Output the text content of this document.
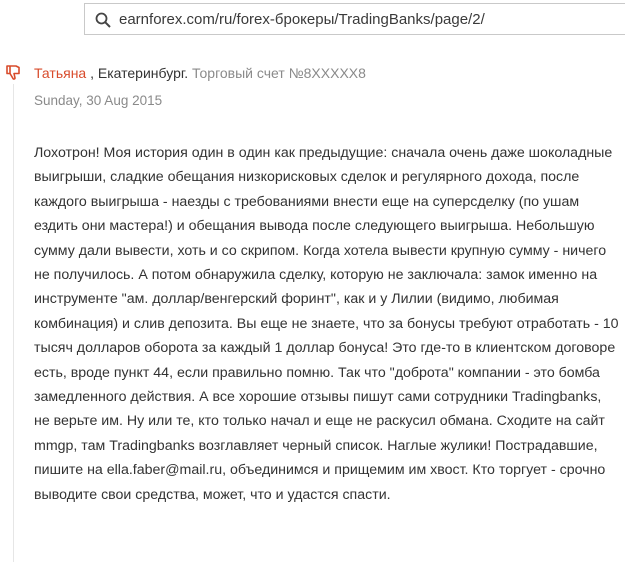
earnforex.com/ru/forex-брокеры/TradingBanks/page/2/
Татьяна , Екатеринбург. Торговый счет №8XXXXX8
Sunday, 30 Aug 2015
Лохотрон! Моя история один в один как предыдущие: сначала очень даже шоколадные
выигрыши, сладкие обещания низкорисковых сделок и регулярного дохода, после
каждого выигрыша - наезды с требованиями внести еще на суперсделку (по ушам
ездить они мастера!) и обещания вывода после следующего выигрыша. Небольшую
сумму дали вывести, хоть и со скрипом. Когда хотела вывести крупную сумму - ничего
не получилось. А потом обнаружила сделку, которую не заключала: замок именно на
инструменте "ам. доллар/венгерский форинт", как и у Лилии (видимо, любимая
комбинация) и слив депозита. Вы еще не знаете, что за бонусы требуют отработать - 10
тысяч долларов оборота за каждый 1 доллар бонуса! Это где-то в клиентском договоре
есть, вроде пункт 44, если правильно помню. Так что "доброта" компании - это бомба
замедленного действия. А все хорошие отзывы пишут сами сотрудники Tradingbanks,
не верьте им. Ну или те, кто только начал и еще не раскусил обмана. Сходите на сайт
mmgp, там Tradingbanks возглавляет черный список. Наглые жулики! Пострадавшие,
пишите на ella.faber@mail.ru, объединимся и прищемим им хвост. Кто торгует - срочно
выводите свои средства, может, что и удастся спасти.
